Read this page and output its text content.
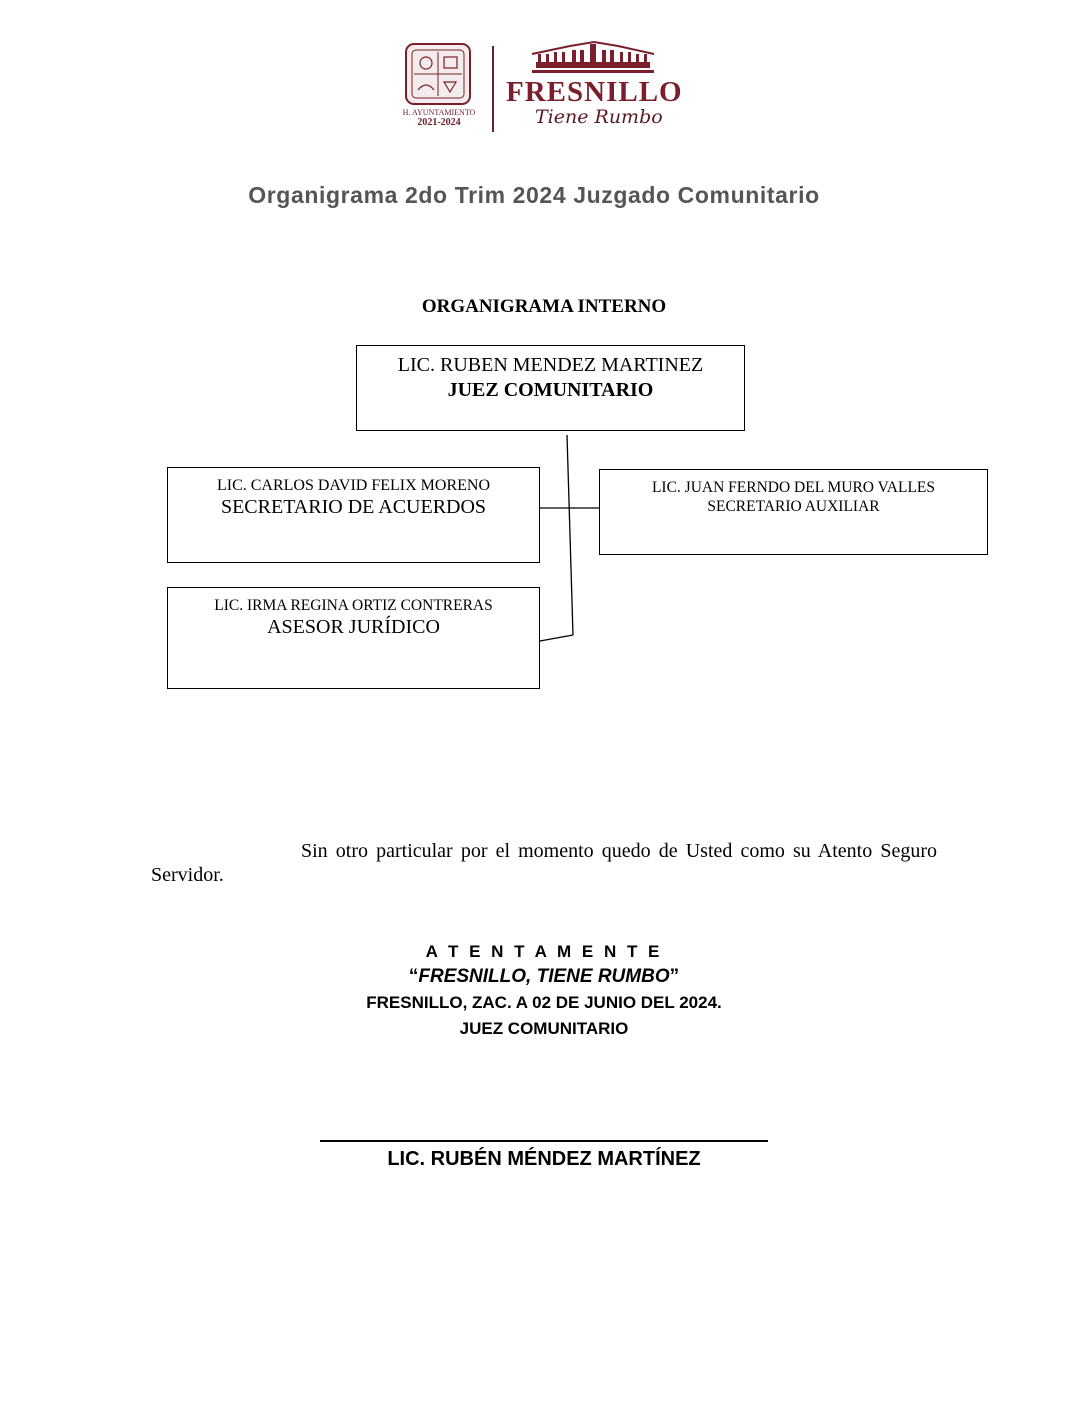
H. AYUNTAMIENTO
2021-2024
FRESNILLO
Tiene Rumbo
Organigrama 2do Trim 2024 Juzgado Comunitario
ORGANIGRAMA INTERNO
LIC. RUBEN MENDEZ MARTINEZ
JUEZ COMUNITARIO
LIC. CARLOS DAVID FELIX MORENO
SECRETARIO DE ACUERDOS
LIC. JUAN FERNDO DEL MURO VALLES
SECRETARIO AUXILIAR
LIC. IRMA REGINA ORTIZ CONTRERAS
ASESOR JURÍDICO
Sin otro particular por el momento quedo de Usted como su Atento Seguro Servidor.
A T E N T A M E N T E
“FRESNILLO, TIENE RUMBO”
FRESNILLO, ZAC. A 02 DE JUNIO DEL 2024.
JUEZ COMUNITARIO
LIC. RUBÉN MÉNDEZ MARTÍNEZ
